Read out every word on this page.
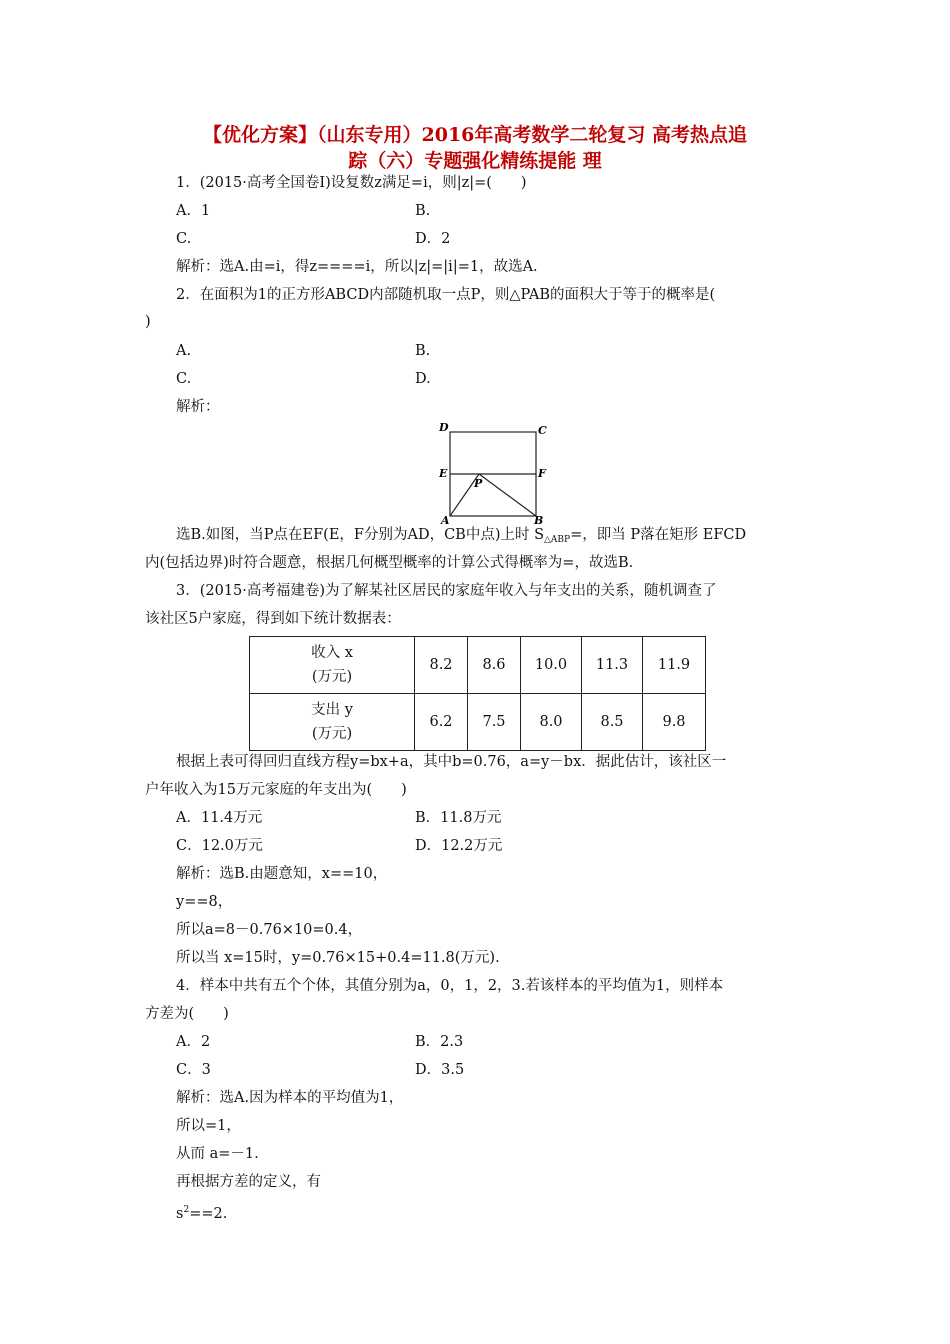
【优化方案】（山东专用）2016年高考数学二轮复习 高考热点追
踪（六）专题强化精练提能 理
1．(2015·高考全国卷Ⅰ)设复数z满足=i，则|z|=(　　)
A．1	B.
C.	D．2
解析：选A.由=i，得z====i，所以|z|=|i|=1，故选A.
2．在面积为1的正方形ABCD内部随机取一点P，则△PAB的面积大于等于的概率是(
)
A.	B.
C.	D.
解析：
D	C
E	F
P
A	B
选B.如图，当P点在EF(E，F分别为AD，CB中点)上时 $S_{\triangle ABP}=$，即当 P落在矩形 EFCD
内(包括边界)时符合题意，根据几何概型概率的计算公式得概率为=，故选B.
3．(2015·高考福建卷)为了解某社区居民的家庭年收入与年支出的关系，随机调查了
该社区5户家庭，得到如下统计数据表：
收入 x
(万元)	8.2	8.6	10.0	11.3	11.9

支出 y
(万元)	6.2	7.5	8.0	8.5	9.8
根据上表可得回归直线方程y=bx+a，其中b=0.76，a=y－bx．据此估计，该社区一
户年收入为15万元家庭的年支出为(　　)
A．11.4万元	B．11.8万元
C．12.0万元	D．12.2万元
解析：选B.由题意知，x==10，
y==8，
所以a=8－0.76×10=0.4，
所以当 x=15时，y=0.76×15+0.4=11.8(万元).
4．样本中共有五个个体，其值分别为a，0，1，2，3.若该样本的平均值为1，则样本
方差为(　　)
A．2	B．2.3
C．3	D．3.5
解析：选A.因为样本的平均值为1，
所以=1，
从而 a=－1.
再根据方差的定义，有
$s^2==2$.
